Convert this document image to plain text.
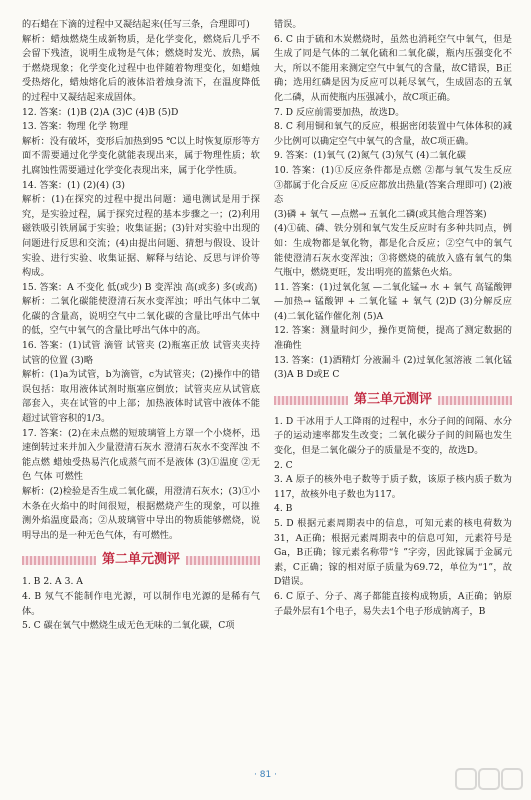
的石蜡在下滴的过程中又凝结起来(任写三条，合理即可)

解析：蜡烛燃烧生成新物质，是化学变化，燃烧后几乎不会留下残渣，说明生成物是气体；燃烧时发光、放热，属于燃烧现象；化学变化过程中也伴随着物理变化，如蜡烛受热熔化，蜡烛熔化后的液体沿着烛身流下，在温度降低的过程中又凝结起来成固体。

12. 答案：(1)B (2)A (3)C (4)B (5)D

13. 答案：物理 化学 物理

解析：没有破坏，变形后加热到95 ℃以上时恢复原形等方面不需要通过化学变化就能表现出来，属于物理性质；软扎腐蚀性需要通过化学变化表现出来，属于化学性质。

14. 答案：(1) (2)(4) (3)

解析：(1)在探究的过程中提出问题：通电测试是用于探究，是实验过程，属于探究过程的基本步骤之一；(2)利用磁铁吸引铁屑属于实验；收集证据；(3)针对实验中出现的问题进行反思和交流；(4)由提出问题、猜想与假设、设计实验、进行实验、收集证据、解释与结论、反思与评价等构成。

15. 答案：A 不变化 低(或少) B 变浑浊 高(或多) 多(或高)

解析：二氧化碳能使澄清石灰水变浑浊；呼出气体中二氧化碳的含量高，说明空气中二氧化碳的含量比呼出气体中的低，空气中氧气的含量比呼出气体中的高。

16. 答案：(1)试管 滴管 试管夹 (2)瓶塞正放 试管夹夹持试管的位置 (3)略

解析：(1)a为试管，b为滴管，c为试管夹；(2)操作中的错误包括：取用液体试剂时瓶塞应倒放；试管夹应从试管底部套入，夹在试管的中上部；加热液体时试管中液体不能超过试管容积的1/3。

17. 答案：(2)在未点燃的短玻璃管上方罩一个小烧杯，迅速倒转过来并加入少量澄清石灰水 澄清石灰水不变浑浊 不能点燃 蜡烛受热易汽化成蒸气而不是液体 (3)①温度 ②无色 气体 可燃性

解析：(2)检验是否生成二氧化碳，用澄清石灰水；(3)①小木条在火焰中的时间很短，根据燃烧产生的现象，可以推测外焰温度最高；②从玻璃管中导出的物质能够燃烧，说明导出的是一种无色气体，有可燃性。

第二单元测评

1. B 2. A 3. A

4. B 氖气不能制作电光源，可以制作电光源的是稀有气体。

5. C 碳在氧气中燃烧生成无色无味的二氧化碳，C项

错误。

6. C 由于硫和木炭燃烧时，虽然也消耗空气中氧气，但是生成了同是气体的二氧化硫和二氧化碳，瓶内压强变化不大，所以不能用来测定空气中氧气的含量，故C错误，B正确；选用红磷是因为反应可以耗尽氧气，生成固态的五氧化二磷，从而使瓶内压强减小，故C项正确。

7. D 反应前需要加热，故选D。

8. C 利用铜和氧气的反应，根据密闭装置中气体体积的减少比例可以确定空气中氧气的含量，故C项正确。

9. 答案：(1)氧气 (2)氮气 (3)氖气 (4)二氧化碳

10. 答案：(1)①反应条件都是点燃 ②都与氧气发生反应 ③都属于化合反应 ④反应都放出热量(答案合理即可) (2)液态

(3)磷 + 氧气 —点燃→ 五氧化二磷(或其他合理答案)

(4)①硫、磷、铁分别和氧气发生反应时有多种共同点，例如：生成物都是氧化物，都是化合反应；②空气中的氧气能使澄清石灰水变浑浊；③将燃烧的硫放入盛有氧气的集气瓶中，燃烧更旺，发出明亮的蓝紫色火焰。

11. 答案：(1)过氧化氢 —二氧化锰→ 水 + 氧气 高锰酸钾 —加热→ 锰酸钾 + 二氧化锰 + 氧气 (2)D (3)分解反应 (4)二氧化锰作催化剂 (5)A

12. 答案：测量时间少，操作更简便，提高了测定数据的准确性

13. 答案：(1)酒精灯 分液漏斗 (2)过氧化氢溶液 二氧化锰 (3)A B D或E C

第三单元测评

1. D 干冰用于人工降雨的过程中，水分子间的间隔、水分子的运动速率都发生改变；二氧化碳分子间的间隔也发生变化，但是二氧化碳分子的质量是不变的，故选D。

2. C

3. A 原子的核外电子数等于质子数，该原子核内质子数为117，故核外电子数也为117。

4. B

5. D 根据元素周期表中的信息，可知元素的核电荷数为31，A正确；根据元素周期表中的信息可知，元素符号是Ga，B正确；镓元素名称带“钅”字旁，因此镓属于金属元素，C正确；镓的相对原子质量为69.72，单位为“1”，故D错误。

6. C 原子、分子、离子都能直接构成物质，A正确；钠原子最外层有1个电子，易失去1个电子形成钠离子，B

· 81 ·
